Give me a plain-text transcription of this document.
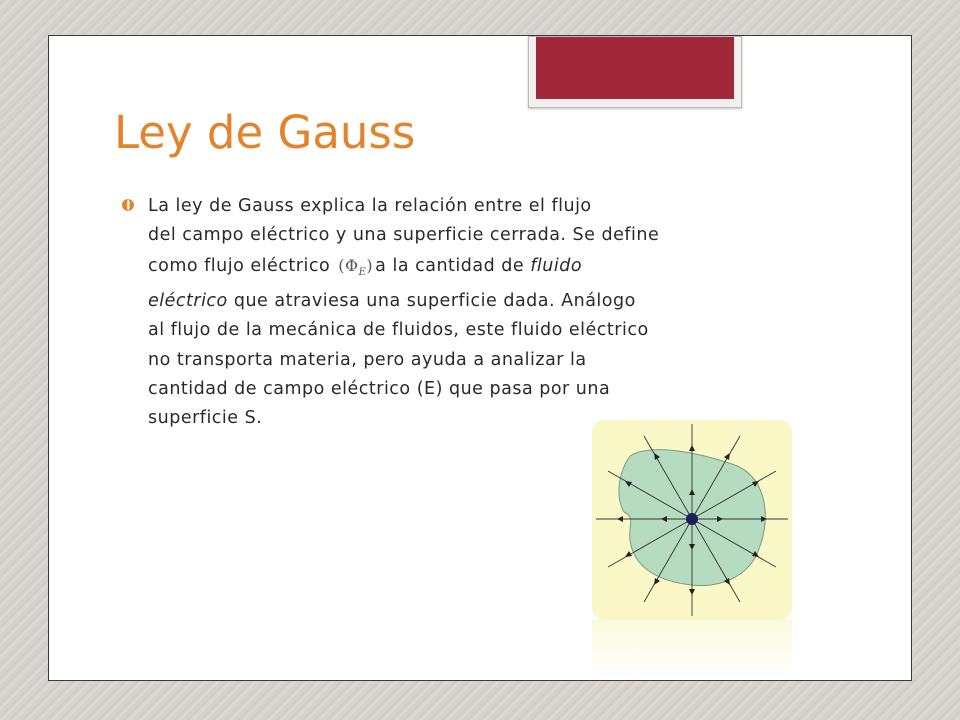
Ley de Gauss
La ley de Gauss explica la relación entre el flujo
del campo eléctrico y una superficie cerrada. Se define
como flujo eléctrico $(\Phi_E)$ a la cantidad de fluido
eléctrico que atraviesa una superficie dada. Análogo
al flujo de la mecánica de fluidos, este fluido eléctrico
no transporta materia, pero ayuda a analizar la
cantidad de campo eléctrico (E) que pasa por una
superficie S.
